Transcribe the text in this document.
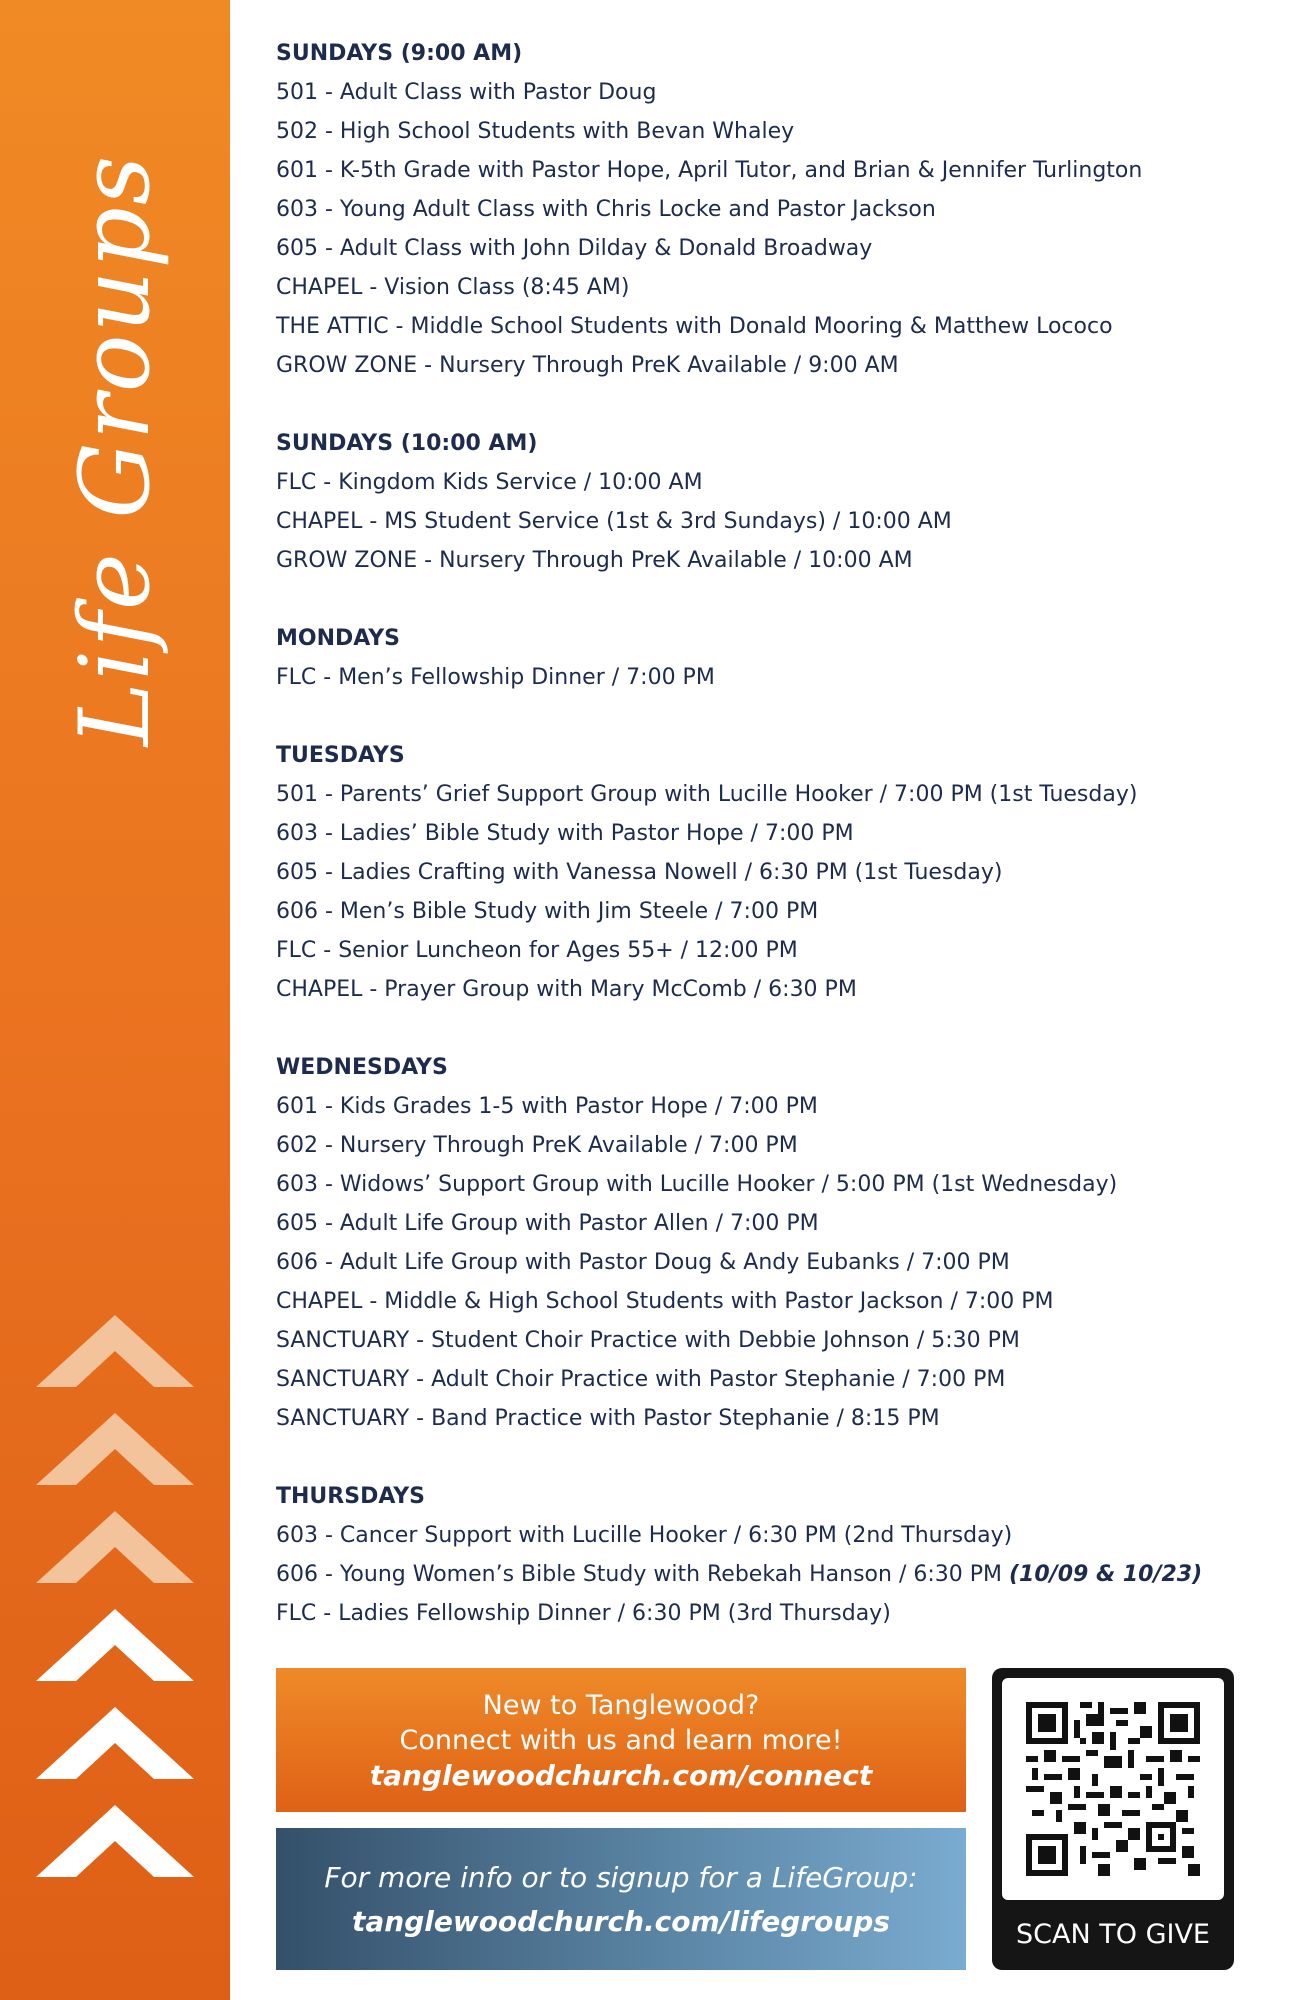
Life Groups
SUNDAYS (9:00 AM)
501 - Adult Class with Pastor Doug
502 - High School Students with Bevan Whaley
601 - K-5th Grade with Pastor Hope, April Tutor, and Brian & Jennifer Turlington
603 - Young Adult Class with Chris Locke and Pastor Jackson
605 - Adult Class with John Dilday & Donald Broadway
CHAPEL - Vision Class (8:45 AM)
THE ATTIC - Middle School Students with Donald Mooring & Matthew Lococo
GROW ZONE - Nursery Through PreK Available / 9:00 AM
SUNDAYS (10:00 AM)
FLC - Kingdom Kids Service / 10:00 AM
CHAPEL - MS Student Service (1st & 3rd Sundays) / 10:00 AM
GROW ZONE - Nursery Through PreK Available / 10:00 AM
MONDAYS
FLC - Men’s Fellowship Dinner / 7:00 PM
TUESDAYS
501 - Parents’ Grief Support Group with Lucille Hooker / 7:00 PM (1st Tuesday)
603 - Ladies’ Bible Study with Pastor Hope / 7:00 PM
605 - Ladies Crafting with Vanessa Nowell / 6:30 PM (1st Tuesday)
606 - Men’s Bible Study with Jim Steele / 7:00 PM
FLC - Senior Luncheon for Ages 55+ / 12:00 PM
CHAPEL - Prayer Group with Mary McComb / 6:30 PM
WEDNESDAYS
601 - Kids Grades 1-5 with Pastor Hope / 7:00 PM
602 - Nursery Through PreK Available / 7:00 PM
603 - Widows’ Support Group with Lucille Hooker / 5:00 PM (1st Wednesday)
605 - Adult Life Group with Pastor Allen / 7:00 PM
606 - Adult Life Group with Pastor Doug & Andy Eubanks / 7:00 PM
CHAPEL - Middle & High School Students with Pastor Jackson / 7:00 PM
SANCTUARY - Student Choir Practice with Debbie Johnson / 5:30 PM
SANCTUARY - Adult Choir Practice with Pastor Stephanie / 7:00 PM
SANCTUARY - Band Practice with Pastor Stephanie / 8:15 PM
THURSDAYS
603 - Cancer Support with Lucille Hooker / 6:30 PM (2nd Thursday)
606 - Young Women’s Bible Study with Rebekah Hanson / 6:30 PM (10/09 & 10/23)
FLC - Ladies Fellowship Dinner / 6:30 PM (3rd Thursday)
New to Tanglewood?
Connect with us and learn more!
tanglewoodchurch.com/connect
For more info or to signup for a LifeGroup:
tanglewoodchurch.com/lifegroups	SCAN TO GIVE
